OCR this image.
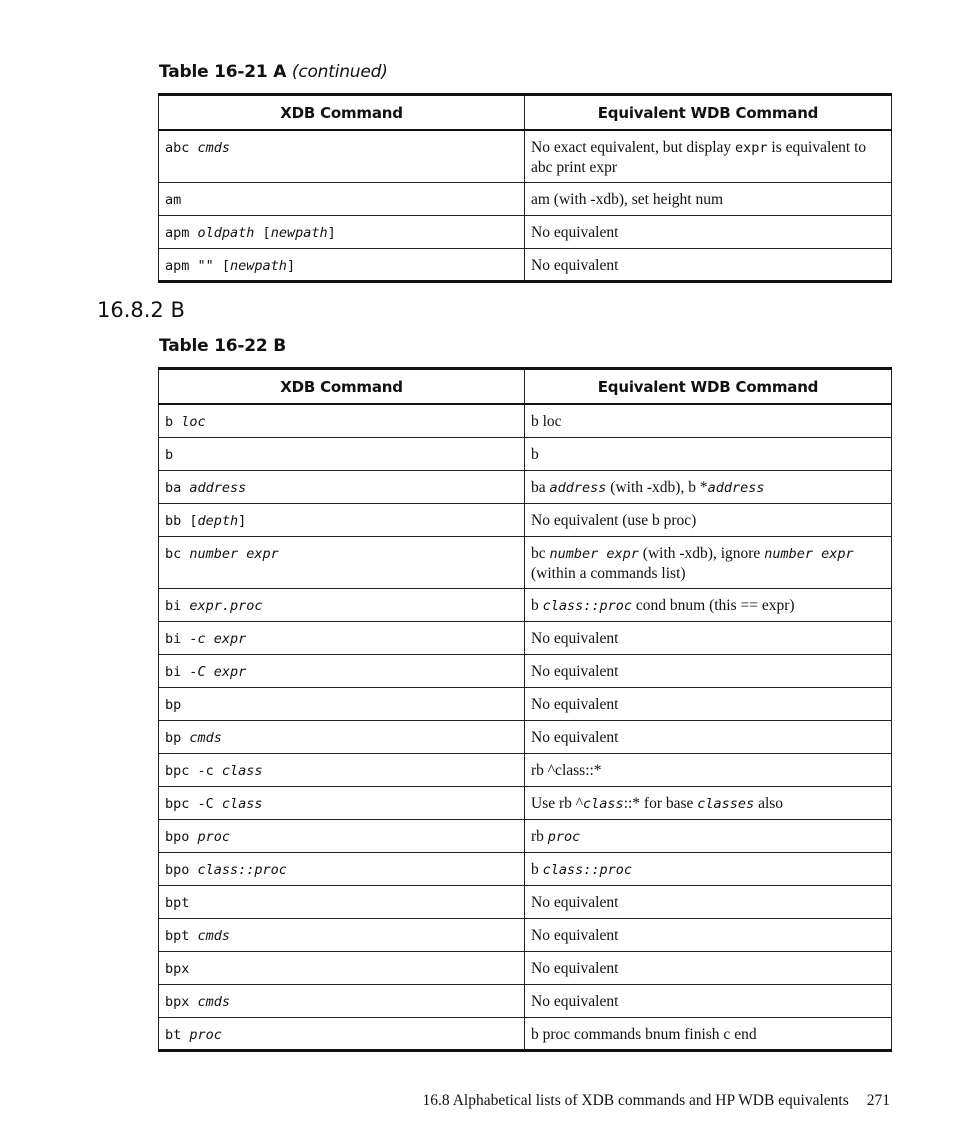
Table 16-21 A (continued)
XDB Command	Equivalent WDB Command
abc cmds	No exact equivalent, but display expr is equivalent to abc print expr
am	am (with -xdb), set height num
apm oldpath [newpath]	No equivalent
apm "" [newpath]	No equivalent
16.8.2 B
Table 16-22 B
XDB Command	Equivalent WDB Command
b loc	b loc
b	b
ba address	ba address (with -xdb), b *address
bb [depth]	No equivalent (use b proc)
bc number expr	bc number expr (with -xdb), ignore number expr (within a commands list)
bi expr.proc	b class::proc cond bnum (this == expr)
bi -c expr	No equivalent
bi -C expr	No equivalent
bp	No equivalent
bp cmds	No equivalent
bpc -c class	rb ^class::*
bpc -C class	Use rb ^class::* for base classes also
bpo proc	rb proc
bpo class::proc	b class::proc
bpt	No equivalent
bpt cmds	No equivalent
bpx	No equivalent
bpx cmds	No equivalent
bt proc	b proc commands bnum finish c end
16.8 Alphabetical lists of XDB commands and HP WDB equivalents 271
